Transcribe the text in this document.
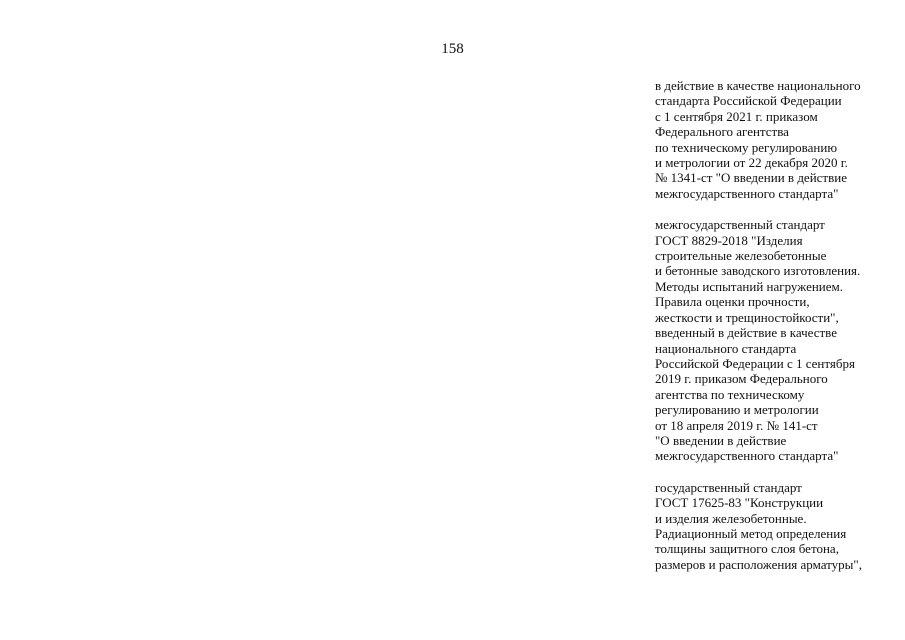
158
в действие в качестве национального
стандарта Российской Федерации
с 1 сентября 2021 г. приказом
Федерального агентства
по техническому регулированию
и метрологии от 22 декабря 2020 г.
№ 1341-ст "О введении в действие
межгосударственного стандарта"
межгосударственный стандарт
ГОСТ 8829-2018 "Изделия
строительные железобетонные
и бетонные заводского изготовления.
Методы испытаний нагружением.
Правила оценки прочности,
жесткости и трещиностойкости",
введенный в действие в качестве
национального стандарта
Российской Федерации с 1 сентября
2019 г. приказом Федерального
агентства по техническому
регулированию и метрологии
от 18 апреля 2019 г. № 141-ст
"О введении в действие
межгосударственного стандарта"
государственный стандарт
ГОСТ 17625-83 "Конструкции
и изделия железобетонные.
Радиационный метод определения
толщины защитного слоя бетона,
размеров и расположения арматуры",
